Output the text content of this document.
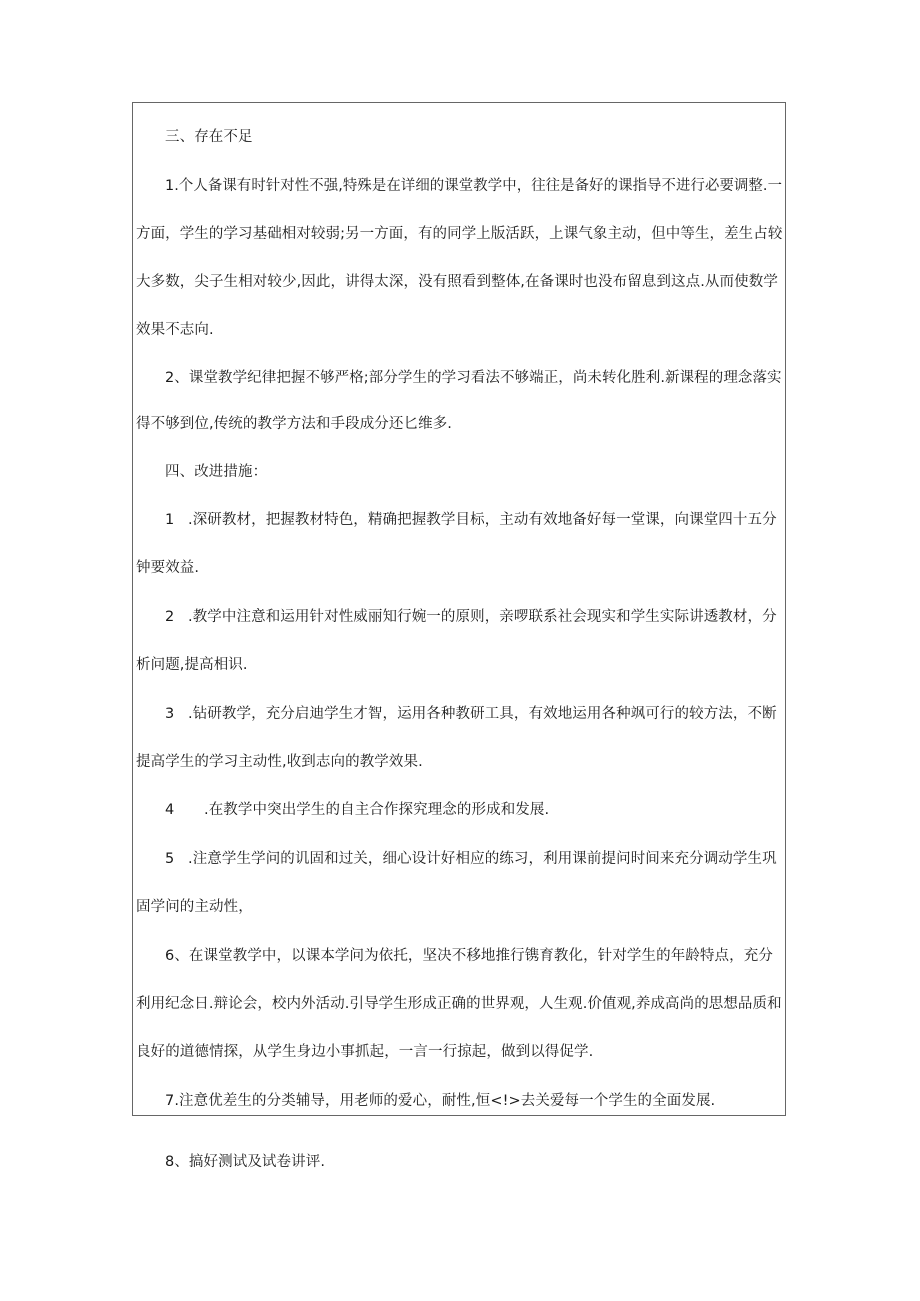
三、存在不足
1.个人备课有时针对性不强,特殊是在详细的课堂教学中，往往是备好的课指导不进行必要调整.一
方面，学生的学习基础相对较弱;另一方面，有的同学上版活跃，上课气象主动，但中等生，差生占较
大多数，尖子生相对较少,因此，讲得太深，没有照看到整体,在备课时也没布留息到这点.从而使数学
效果不志向.
2、课堂教学纪律把握不够严格;部分学生的学习看法不够端正，尚未转化胜利.新课程的理念落实
得不够到位,传统的教学方法和手段成分还匕维多.
四、改进措施：
1 .深研教材，把握教材特色，精确把握教学目标，主动有效地备好每一堂课，向课堂四十五分
钟要效益.
2 .教学中注意和运用针对性威丽知行婉一的原则，亲啰联系社会现实和学生实际讲透教材，分
析问题,提高相识.
3 .钻研教学，充分启迪学生才智，运用各种教研工具，有效地运用各种飒可行的较方法，不断
提高学生的学习主动性,收到志向的教学效果.
4 .在教学中突出学生的自主合作探究理念的形成和发展.
5 .注意学生学问的讥固和过关，细心设计好相应的练习，利用课前提问时间来充分调动学生巩
固学问的主动性，
6、在课堂教学中，以课本学问为依托，坚决不移地推行镌育教化，针对学生的年龄特点，充分
利用纪念日.辩论会，校内外活动.引导学生形成正确的世界观，人生观.价值观,养成高尚的思想品质和
良好的道德情探，从学生身边小事抓起，一言一行掠起，做到以得促学.
7.注意优差生的分类辅导，用老师的爱心，耐性,恒<!>去关爱每一个学生的全面发展.
8、搞好测试及试卷讲评.
